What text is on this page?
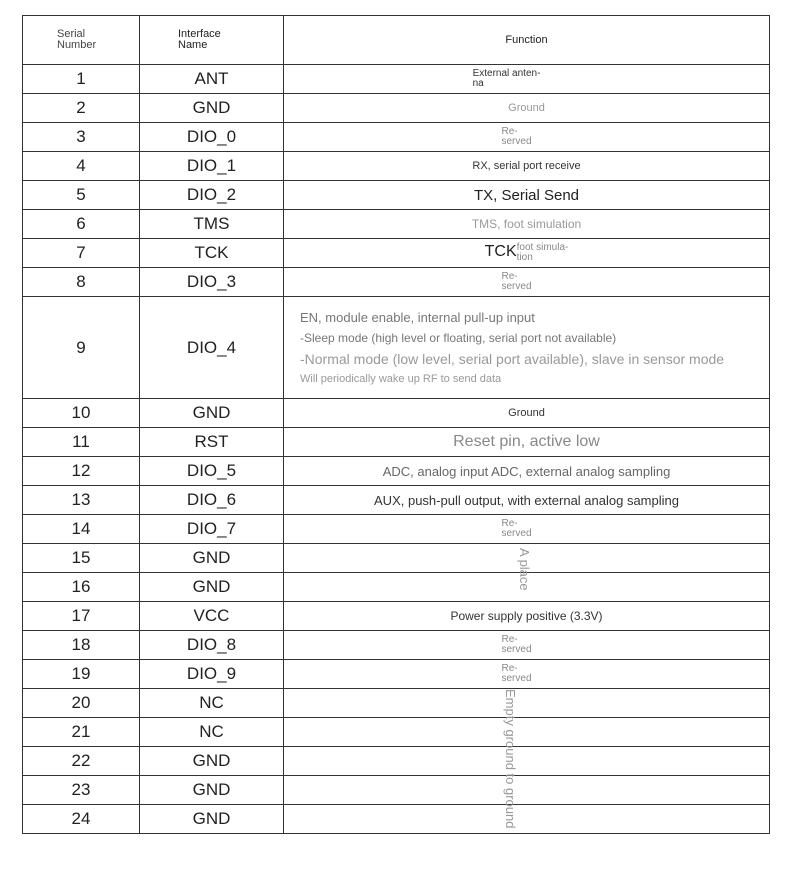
Serial Number	Interface Name	Function
1	ANT	External anten-
na
2	GND	Ground
3	DIO_0	Re-
served
4	DIO_1	RX, serial port receive
5	DIO_2	TX, Serial Send
6	TMS	TMS, foot simulation
7	TCK	TCKfoot simula-
tion
8	DIO_3	Re-
served
9	DIO_4	EN, module enable, internal pull-up input
-Sleep mode (high level or floating, serial port not available)
-Normal mode (low level, serial port available), slave in sensor mode
Will periodically wake up RF to send data

10	GND	Ground
11	RST	Reset pin, active low
12	DIO_5	ADC, analog input ADC, external analog sampling
13	DIO_6	AUX, push-pull output, with external analog sampling
14	DIO_7	Re-
served
15	GND	A place

16	GND	
17	VCC	Power supply positive (3.3V)
18	DIO_8	Re-
served
19	DIO_9	Re-
served
20	NC	Empty ground to ground

21	NC	
22	GND	
23	GND	
24	GND	
